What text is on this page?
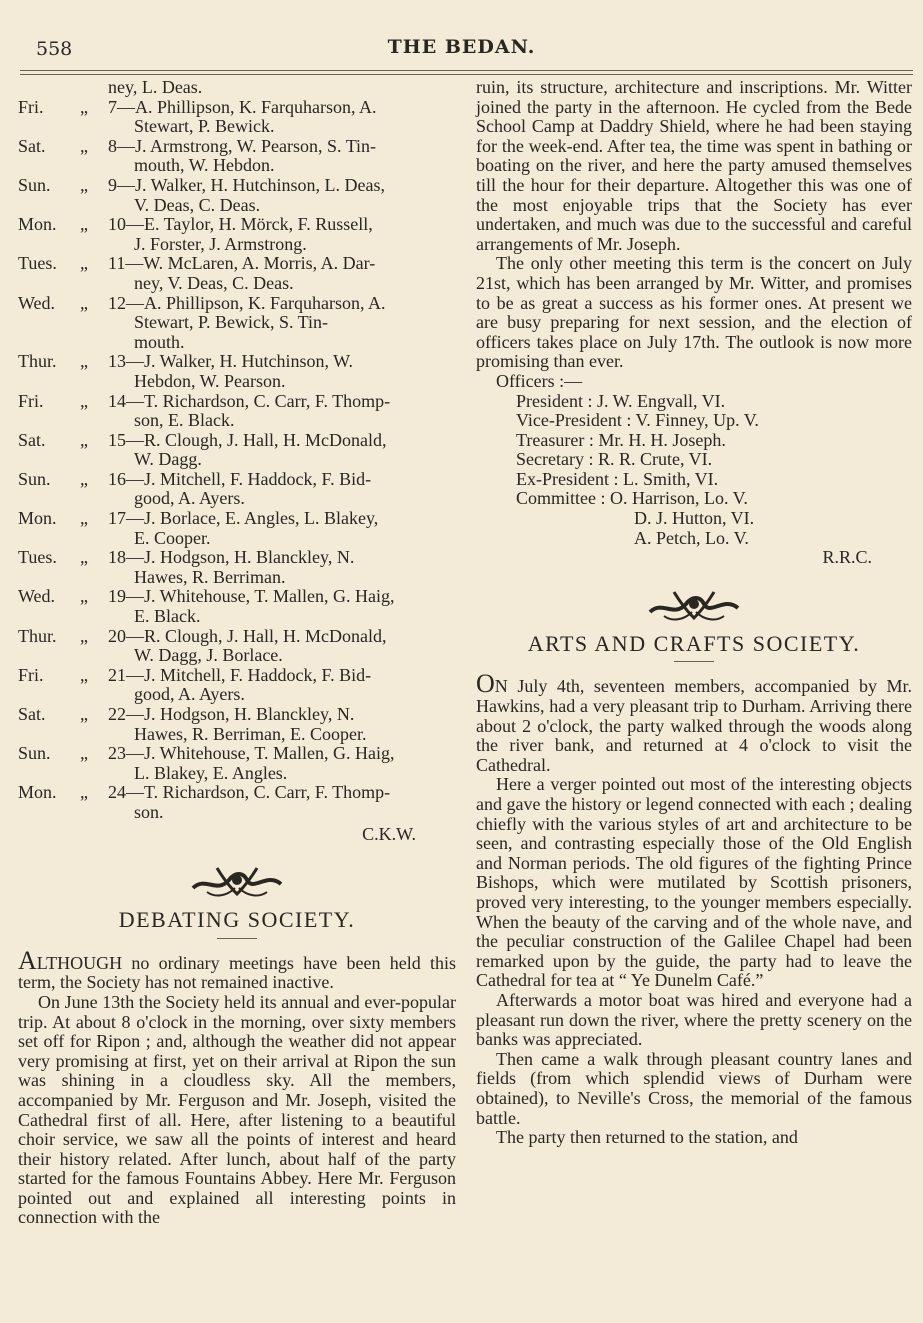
558	THE BEDAN.
ney, L. Deas.
Fri.	„	7—A. Phillipson, K. Farquharson, A.
Stewart, P. Bewick.
Sat.	„	8—J. Armstrong, W. Pearson, S. Tin-
mouth, W. Hebdon.
Sun.	„	9—J. Walker, H. Hutchinson, L. Deas,
V. Deas, C. Deas.
Mon.	„	10—E. Taylor, H. Mörck, F. Russell,
J. Forster, J. Armstrong.
Tues.	„	11—W. McLaren, A. Morris, A. Dar-
ney, V. Deas, C. Deas.
Wed.	„	12—A. Phillipson, K. Farquharson, A.
Stewart, P. Bewick, S. Tin-
mouth.
Thur.	„	13—J. Walker, H. Hutchinson, W.
Hebdon, W. Pearson.
Fri.	„	14—T. Richardson, C. Carr, F. Thomp-
son, E. Black.
Sat.	„	15—R. Clough, J. Hall, H. McDonald,
W. Dagg.
Sun.	„	16—J. Mitchell, F. Haddock, F. Bid-
good, A. Ayers.
Mon.	„	17—J. Borlace, E. Angles, L. Blakey,
E. Cooper.
Tues.	„	18—J. Hodgson, H. Blanckley, N.
Hawes, R. Berriman.
Wed.	„	19—J. Whitehouse, T. Mallen, G. Haig,
E. Black.
Thur.	„	20—R. Clough, J. Hall, H. McDonald,
W. Dagg, J. Borlace.
Fri.	„	21—J. Mitchell, F. Haddock, F. Bid-
good, A. Ayers.
Sat.	„	22—J. Hodgson, H. Blanckley, N.
Hawes, R. Berriman, E. Cooper.
Sun.	„	23—J. Whitehouse, T. Mallen, G. Haig,
L. Blakey, E. Angles.
Mon.	„	24—T. Richardson, C. Carr, F. Thomp-
son.
C.K.W.
DEBATING SOCIETY.

ALTHOUGH no ordinary meetings have been held this term, the Society has not remained inactive.

On June 13th the Society held its annual and ever-popular trip. At about 8 o'clock in the morning, over sixty members set off for Ripon ; and, although the weather did not appear very promising at first, yet on their arrival at Ripon the sun was shining in a cloudless sky. All the members, accompanied by Mr. Ferguson and Mr. Joseph, visited the Cathedral first of all. Here, after listening to a beautiful choir service, we saw all the points of interest and heard their history related. After lunch, about half of the party started for the famous Fountains Abbey. Here Mr. Ferguson pointed out and explained all interesting points in connection with the

ruin, its structure, architecture and inscriptions. Mr. Witter joined the party in the afternoon. He cycled from the Bede School Camp at Daddry Shield, where he had been staying for the week-end. After tea, the time was spent in bathing or boating on the river, and here the party amused themselves till the hour for their departure. Altogether this was one of the most enjoyable trips that the Society has ever undertaken, and much was due to the successful and careful arrangements of Mr. Joseph.

The only other meeting this term is the concert on July 21st, which has been arranged by Mr. Witter, and promises to be as great a success as his former ones. At present we are busy preparing for next session, and the election of officers takes place on July 17th. The outlook is now more promising than ever.

Officers :—
President : J. W. Engvall, VI.
Vice-President : V. Finney, Up. V.
Treasurer : Mr. H. H. Joseph.
Secretary : R. R. Crute, VI.
Ex-President : L. Smith, VI.
Committee : O. Harrison, Lo. V.
D. J. Hutton, VI.
A. Petch, Lo. V.
R.R.C.
ARTS AND CRAFTS SOCIETY.

ON July 4th, seventeen members, accompanied by Mr. Hawkins, had a very pleasant trip to Durham. Arriving there about 2 o'clock, the party walked through the woods along the river bank, and returned at 4 o'clock to visit the Cathedral.

Here a verger pointed out most of the interesting objects and gave the history or legend connected with each ; dealing chiefly with the various styles of art and architecture to be seen, and contrasting especially those of the Old English and Norman periods. The old figures of the fighting Prince Bishops, which were mutilated by Scottish prisoners, proved very interesting, to the younger members especially. When the beauty of the carving and of the whole nave, and the peculiar construction of the Galilee Chapel had been remarked upon by the guide, the party had to leave the Cathedral for tea at “ Ye Dunelm Café.”

Afterwards a motor boat was hired and everyone had a pleasant run down the river, where the pretty scenery on the banks was appreciated.

Then came a walk through pleasant country lanes and fields (from which splendid views of Durham were obtained), to Neville's Cross, the memorial of the famous battle.

The party then returned to the station, and
